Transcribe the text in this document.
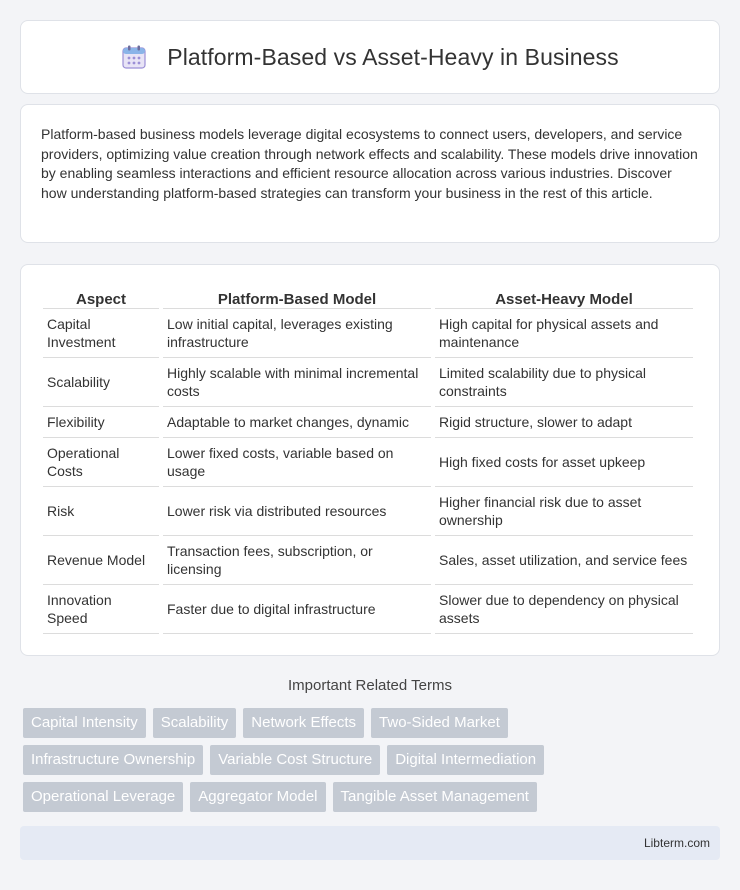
Platform-Based vs Asset-Heavy in Business

Platform-based business models leverage digital ecosystems to connect users, developers, and service providers, optimizing value creation through network effects and scalability. These models drive innovation by enabling seamless interactions and efficient resource allocation across various industries. Discover how understanding platform-based strategies can transform your business in the rest of this article.

Aspect	Platform-Based Model	Asset-Heavy Model
Capital Investment	Low initial capital, leverages existing infrastructure	High capital for physical assets and maintenance
Scalability	Highly scalable with minimal incremental costs	Limited scalability due to physical constraints
Flexibility	Adaptable to market changes, dynamic	Rigid structure, slower to adapt
Operational Costs	Lower fixed costs, variable based on usage	High fixed costs for asset upkeep
Risk	Lower risk via distributed resources	Higher financial risk due to asset ownership
Revenue Model	Transaction fees, subscription, or licensing	Sales, asset utilization, and service fees
Innovation Speed	Faster due to digital infrastructure	Slower due to dependency on physical assets
Important Related Terms
Capital Intensity	Scalability	Network Effects	Two-Sided Market
Infrastructure Ownership	Variable Cost Structure	Digital Intermediation
Operational Leverage	Aggregator Model	Tangible Asset Management
Libterm.com
